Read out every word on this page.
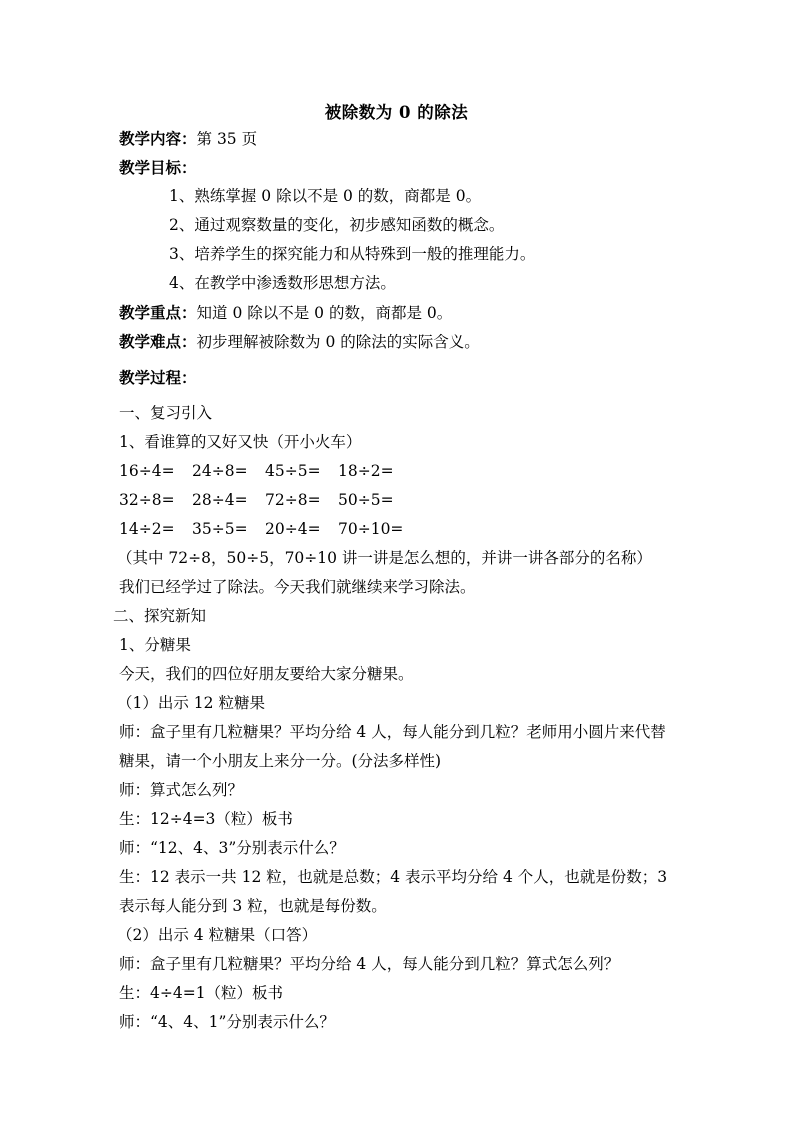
被除数为 0 的除法
教学内容：第 35 页
教学目标：
1、熟练掌握 0 除以不是 0 的数，商都是 0。
2、通过观察数量的变化，初步感知函数的概念。
3、培养学生的探究能力和从特殊到一般的推理能力。
4、在教学中渗透数形思想方法。
教学重点：知道 0 除以不是 0 的数，商都是 0。
教学难点：初步理解被除数为 0 的除法的实际含义。
教学过程：
一、复习引入
1、看谁算的又好又快（开小火车）
16÷4=	24÷8=	45÷5=	18÷2=
32÷8=	28÷4=	72÷8=	50÷5=
14÷2=	35÷5=	20÷4=	70÷10=
（其中 72÷8，50÷5，70÷10 讲一讲是怎么想的，并讲一讲各部分的名称）
我们已经学过了除法。今天我们就继续来学习除法。
二、探究新知
1、分糖果
今天，我们的四位好朋友要给大家分糖果。
（1）出示 12 粒糖果
师：盒子里有几粒糖果？平均分给 4 人，每人能分到几粒？老师用小圆片来代替
糖果，请一个小朋友上来分一分。(分法多样性)
师：算式怎么列？
生：12÷4=3（粒）板书
师：“12、4、3”分别表示什么？
生：12 表示一共 12 粒，也就是总数；4 表示平均分给 4 个人，也就是份数；3
表示每人能分到 3 粒，也就是每份数。
（2）出示 4 粒糖果（口答）
师：盒子里有几粒糖果？平均分给 4 人，每人能分到几粒？算式怎么列？
生：4÷4=1（粒）板书
师：“4、4、1”分别表示什么？
